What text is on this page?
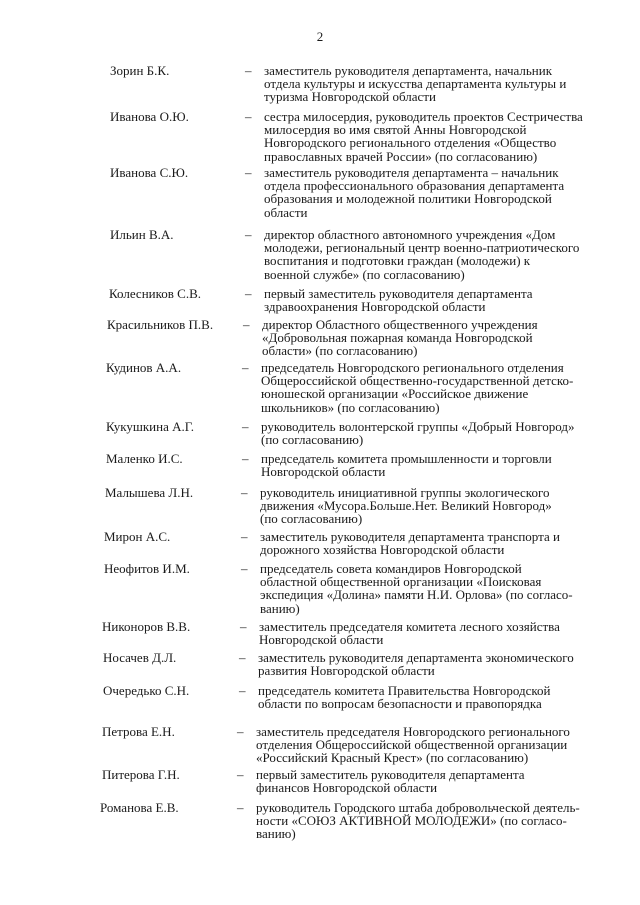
2
Зорин Б.К.	– заместитель руководителя департамента, начальник
отдела культуры и искусства департамента культуры и
туризма Новгородской области
Иванова О.Ю.	– сестра милосердия, руководитель проектов Сестричества
милосердия во имя святой Анны Новгородской
Новгородского регионального отделения «Общество
православных врачей России» (по согласованию)
Иванова С.Ю.	– заместитель руководителя департамента – начальник
отдела профессионального образования департамента
образования и молодежной политики Новгородской
области
Ильин В.А.	– директор областного автономного учреждения «Дом
молодежи, региональный центр военно-патриотического
воспитания и подготовки граждан (молодежи) к
военной службе» (по согласованию)
Колесников С.В.	– первый заместитель руководителя департамента
здравоохранения Новгородской области
Красильников П.В. – директор Областного общественного учреждения
«Добровольная пожарная команда Новгородской
области» (по согласованию)
Кудинов А.А.	– председатель Новгородского регионального отделения
Общероссийской общественно-государственной детско-
юношеской организации «Российское движение
школьников» (по согласованию)
Кукушкина А.Г.	– руководитель волонтерской группы «Добрый Новгород»
(по согласованию)
Маленко И.С.	– председатель комитета промышленности и торговли
Новгородской области
Малышева Л.Н.	– руководитель инициативной группы экологического
движения «Мусора.Больше.Нет. Великий Новгород»
(по согласованию)
Мирон А.С.	– заместитель руководителя департамента транспорта и
дорожного хозяйства Новгородской области
Неофитов И.М.	– председатель совета командиров Новгородской
областной общественной организации «Поисковая
экспедиция «Долина» памяти Н.И. Орлова» (по согласо-
ванию)
Никоноров В.В.	– заместитель председателя комитета лесного хозяйства
Новгородской области
Носачев Д.Л.	– заместитель руководителя департамента экономического
развития Новгородской области
Очередько С.Н.	– председатель комитета Правительства Новгородской
области по вопросам безопасности и правопорядка
Петрова Е.Н.	– заместитель председателя Новгородского регионального
отделения Общероссийской общественной организации
«Российский Красный Крест» (по согласованию)
Питерова Г.Н.	– первый заместитель руководителя департамента
финансов Новгородской области
Романова Е.В.	– руководитель Городского штаба добровольческой деятель-
ности «СОЮЗ АКТИВНОЙ МОЛОДЕЖИ» (по согласо-
ванию)
